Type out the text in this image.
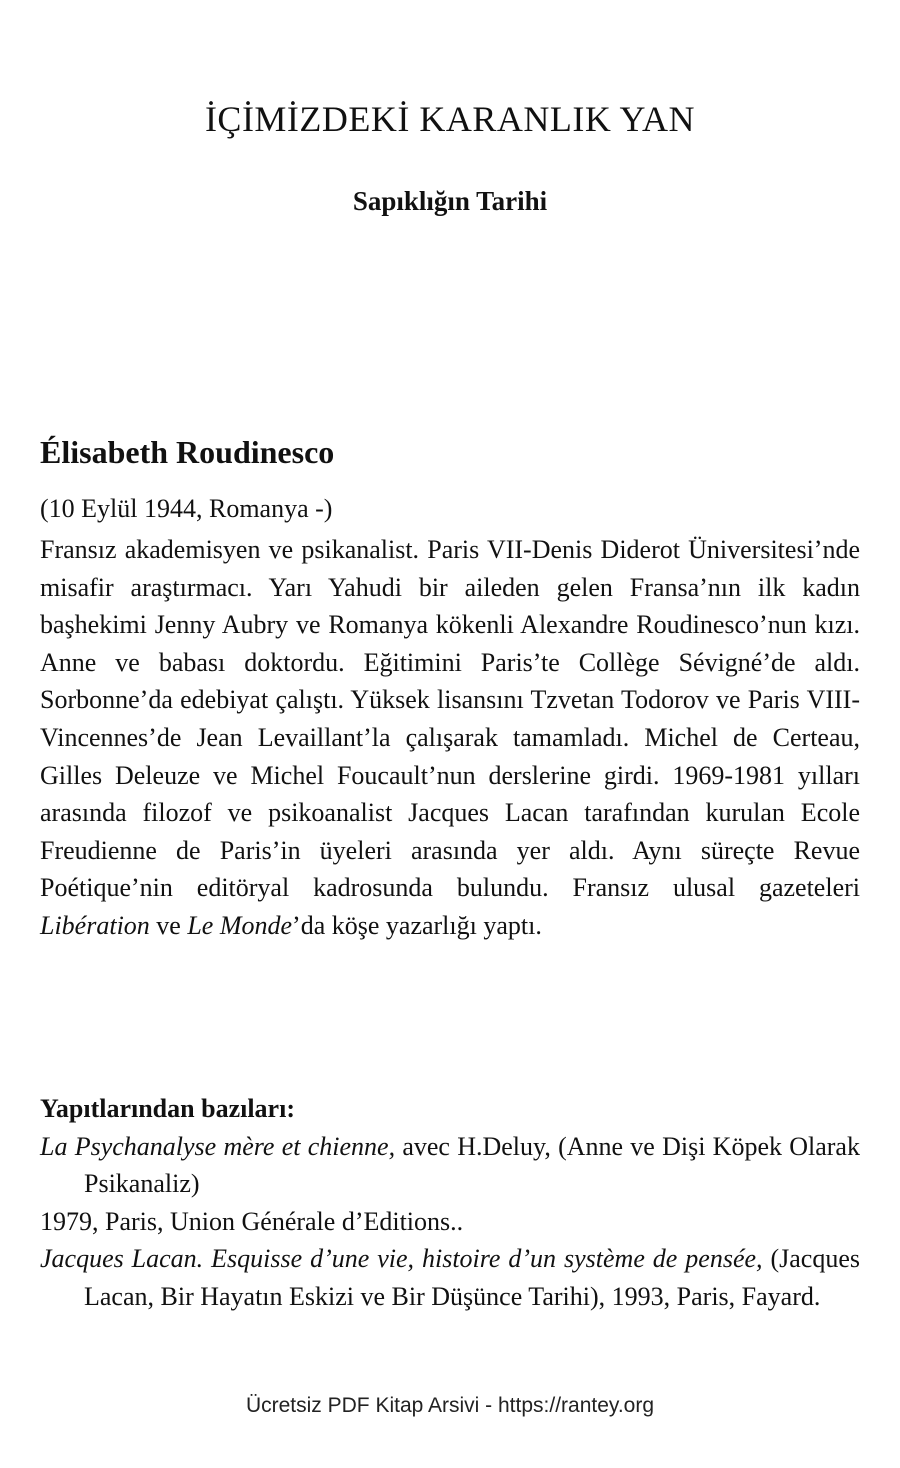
İÇİMİZDEKİ KARANLIK YAN
Sapıklığın Tarihi
Élisabeth Roudinesco
(10 Eylül 1944, Romanya -)

Fransız akademisyen ve psikanalist. Paris VII-Denis Diderot Üniversitesi’nde misafir araştırmacı. Yarı Yahudi bir aileden gelen Fransa’nın ilk kadın başhekimi Jenny Aubry ve Romanya kökenli Alexandre Roudinesco’nun kızı. Anne ve babası doktordu. Eğitimini Paris’te Collège Sévigné’de aldı. Sorbonne’da edebiyat çalıştı. Yüksek lisansını Tzvetan Todorov ve Paris VIII-Vincennes’de Jean Levaillant’la çalışarak tamamladı. Michel de Certeau, Gilles Deleuze ve Michel Foucault’nun derslerine girdi. 1969-1981 yılları arasında filozof ve psikoanalist Jacques Lacan tarafından kurulan Ecole Freudienne de Paris’in üyeleri arasında yer aldı. Aynı süreçte Revue Poétique’nin editöryal kadrosunda bulundu. Fransız ulusal gazeteleri Libération ve Le Monde’da köşe yazarlığı yaptı.

Yapıtlarından bazıları:

La Psychanalyse mère et chienne, avec H.Deluy, (Anne ve Dişi Köpek Olarak Psikanaliz)

1979, Paris, Union Générale d’Editions..

Jacques Lacan. Esquisse d’une vie, histoire d’un système de pensée, (Jacques Lacan, Bir Hayatın Eskizi ve Bir Düşünce Tarihi), 1993, Paris, Fayard.

Ücretsiz PDF Kitap Arsivi - https://rantey.org
